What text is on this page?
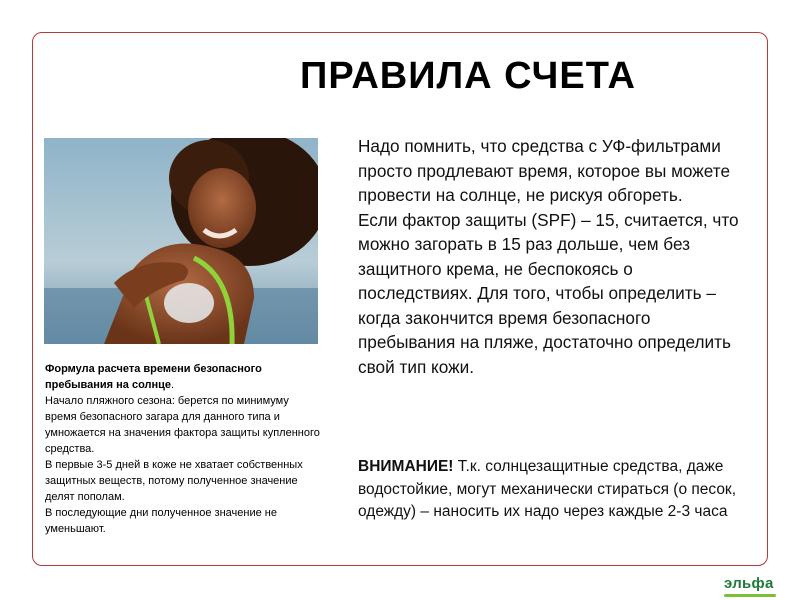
ПРАВИЛА СЧЕТА

Формула расчета времени безопасного пребывания на солнце.

Начало пляжного сезона: берется по минимуму время безопасного загара для данного типа и умножается на значения фактора защиты купленного средства.

В первые 3-5 дней в коже не хватает собственных защитных веществ, потому полученное значение делят пополам.

В последующие дни полученное значение не уменьшают.

Надо помнить, что средства с УФ-фильтрами просто продлевают время, которое вы можете провести на солнце, не рискуя обгореть.

Если фактор защиты (SPF) – 15, считается, что можно загорать в 15 раз дольше, чем без защитного крема, не беспокоясь о последствиях. Для того, чтобы определить – когда закончится время безопасного пребывания на пляже, достаточно определить свой тип кожи.

ВНИМАНИЕ! Т.к. солнцезащитные средства, даже водостойкие, могут механически стираться (о песок, одежду) – наносить их надо через каждые 2-3 часа
эльфа
